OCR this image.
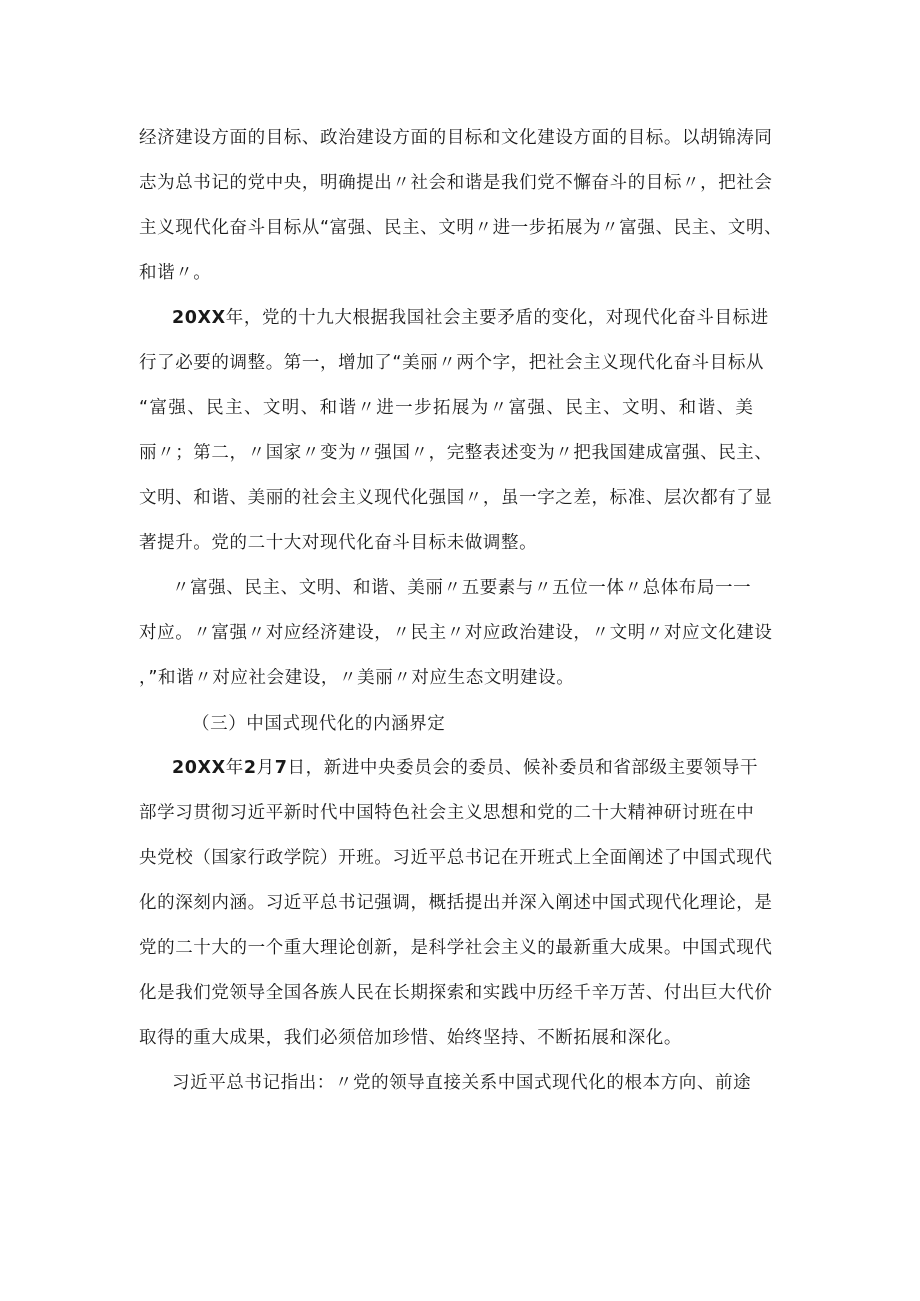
经济建设方面的目标、政治建设方面的目标和文化建设方面的目标。以胡锦涛同
志为总书记的党中央，明确提出〃社会和谐是我们党不懈奋斗的目标〃，把社会
主义现代化奋斗目标从“富强、民主、文明〃进一步拓展为〃富强、民主、文明、
和谐〃。
20XX年，党的十九大根据我国社会主要矛盾的变化，对现代化奋斗目标进
行了必要的调整。第一，增加了“美丽〃两个字，把社会主义现代化奋斗目标从
“富强、民主、文明、和谐〃进一步拓展为〃富强、民主、文明、和谐、美
丽〃；第二，〃国家〃变为〃强国〃，完整表述变为〃把我国建成富强、民主、
文明、和谐、美丽的社会主义现代化强国〃，虽一字之差，标准、层次都有了显
著提升。党的二十大对现代化奋斗目标未做调整。
〃富强、民主、文明、和谐、美丽〃五要素与〃五位一体〃总体布局一一
对应。〃富强〃对应经济建设，〃民主〃对应政治建设，〃文明〃对应文化建设
，”和谐〃对应社会建设，〃美丽〃对应生态文明建设。
（三）中国式现代化的内涵界定
20XX年2月7日，新进中央委员会的委员、候补委员和省部级主要领导干
部学习贯彻习近平新时代中国特色社会主义思想和党的二十大精神研讨班在中
央党校（国家行政学院）开班。习近平总书记在开班式上全面阐述了中国式现代
化的深刻内涵。习近平总书记强调，概括提出并深入阐述中国式现代化理论，是
党的二十大的一个重大理论创新，是科学社会主义的最新重大成果。中国式现代
化是我们党领导全国各族人民在长期探索和实践中历经千辛万苦、付出巨大代价
取得的重大成果，我们必须倍加珍惜、始终坚持、不断拓展和深化。
习近平总书记指出：〃党的领导直接关系中国式现代化的根本方向、前途
